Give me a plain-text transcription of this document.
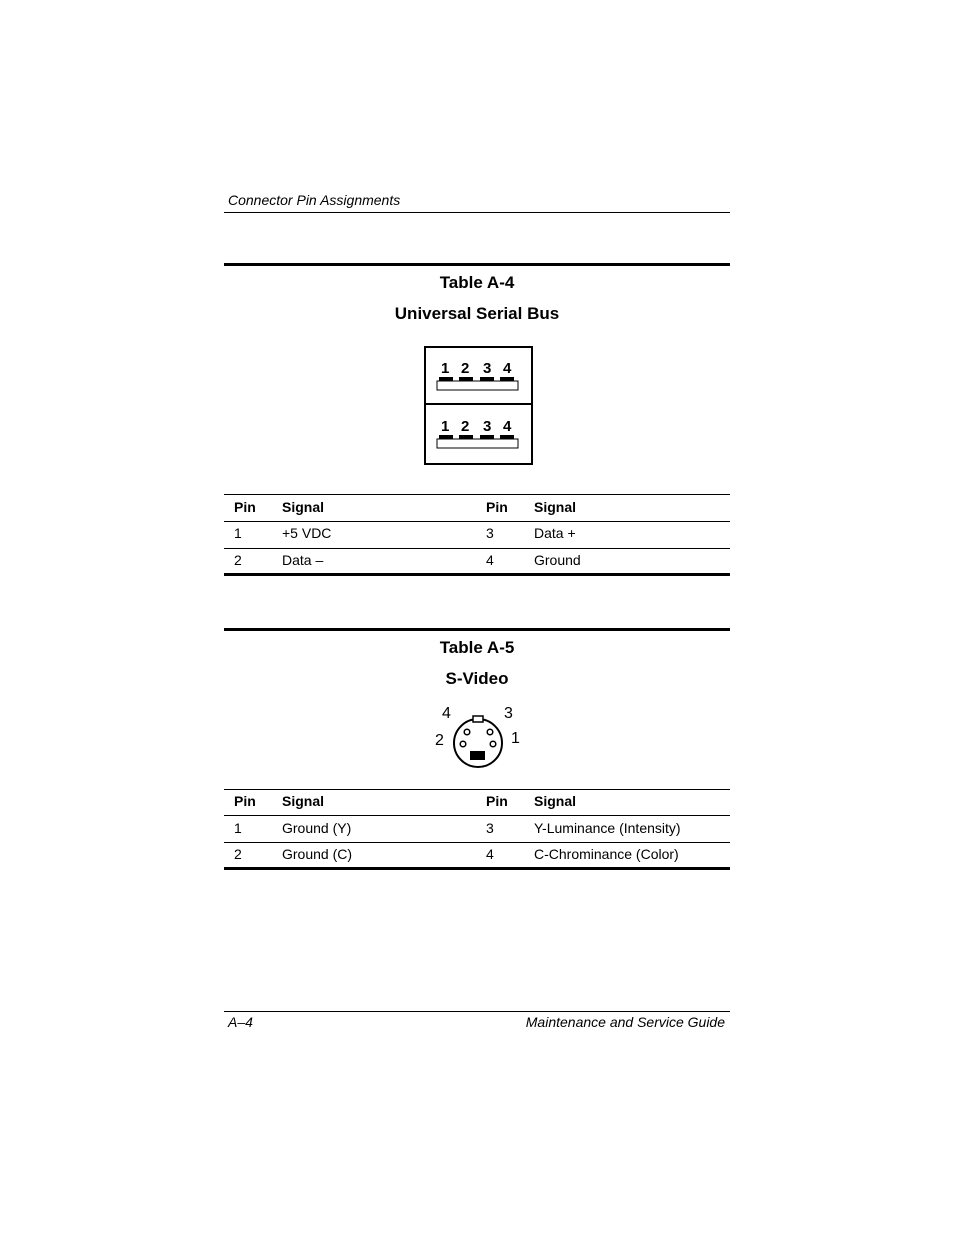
Connector Pin Assignments
Table A-4
Universal Serial Bus
1 2 3 4
1 2 3 4
Pin Signal	Pin Signal
1	+5 VDC	3	Data +
2	Data –	4	Ground
Table A-5
S-Video
4	3
2	1
Pin Signal	Pin Signal
1	Ground (Y)	3	Y-Luminance (Intensity)
2	Ground (C)	4	C-Chrominance (Color)
A–4	Maintenance and Service Guide
